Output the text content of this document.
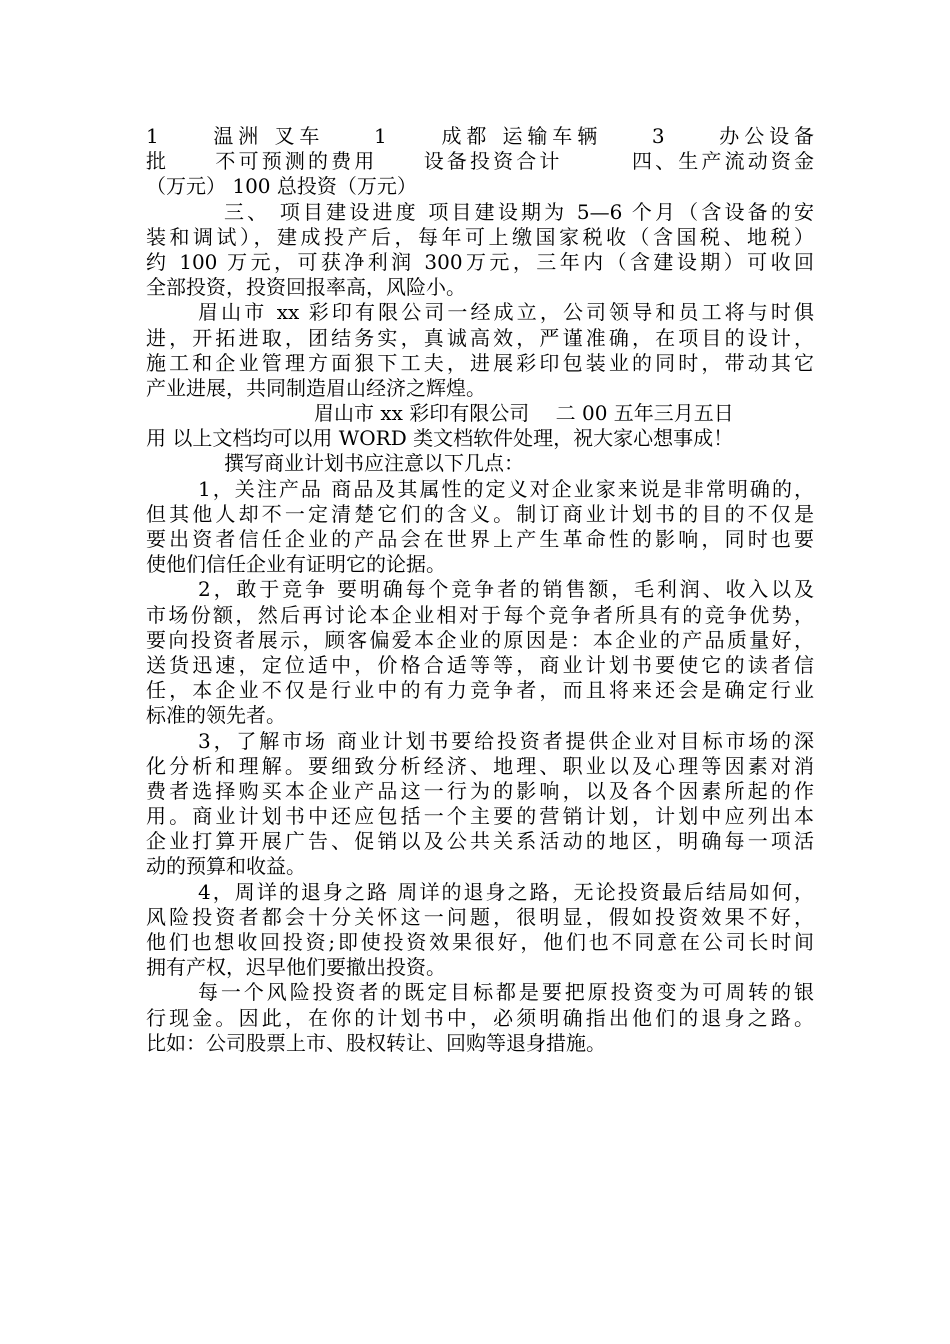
1　　温洲 叉车　　1　　成都 运输车辆　　3　　办公设备
批　　不可预测的费用　　设备投资合计　　　四、生产流动资金
（万元） 100 总投资（万元）
三、 项目建设进度 项目建设期为 5—6 个月（含设备的安
装和调试），建成投产后，每年可上缴国家税收（含国税、地税）
约 100 万元，可获净利润 300万元，三年内（含建设期）可收回
全部投资，投资回报率高，风险小。
眉山市 xx 彩印有限公司一经成立，公司领导和员工将与时俱
进，开拓进取，团结务实，真诚高效，严谨准确，在项目的设计，
施工和企业管理方面狠下工夫，进展彩印包装业的同时，带动其它
产业进展，共同制造眉山经济之辉煌。
眉山市 xx 彩印有限公司　 二 00 五年三月五日
用 以上文档均可以用 WORD 类文档软件处理，祝大家心想事成！
撰写商业计划书应注意以下几点：
1，关注产品 商品及其属性的定义对企业家来说是非常明确的，
但其他人却不一定清楚它们的含义。制订商业计划书的目的不仅是
要出资者信任企业的产品会在世界上产生革命性的影响，同时也要
使他们信任企业有证明它的论据。
2，敢于竞争 要明确每个竞争者的销售额，毛利润、收入以及
市场份额，然后再讨论本企业相对于每个竞争者所具有的竞争优势，
要向投资者展示，顾客偏爱本企业的原因是：本企业的产品质量好，
送货迅速，定位适中，价格合适等等，商业计划书要使它的读者信
任，本企业不仅是行业中的有力竞争者，而且将来还会是确定行业
标准的领先者。
3，了解市场 商业计划书要给投资者提供企业对目标市场的深
化分析和理解。要细致分析经济、地理、职业以及心理等因素对消
费者选择购买本企业产品这一行为的影响，以及各个因素所起的作
用。商业计划书中还应包括一个主要的营销计划，计划中应列出本
企业打算开展广告、促销以及公共关系活动的地区，明确每一项活
动的预算和收益。
4，周详的退身之路 周详的退身之路，无论投资最后结局如何，
风险投资者都会十分关怀这一问题，很明显，假如投资效果不好，
他们也想收回投资;即使投资效果很好，他们也不同意在公司长时间
拥有产权，迟早他们要撤出投资。
每一个风险投资者的既定目标都是要把原投资变为可周转的银
行现金。因此，在你的计划书中，必须明确指出他们的退身之路。
比如：公司股票上市、股权转让、回购等退身措施。
